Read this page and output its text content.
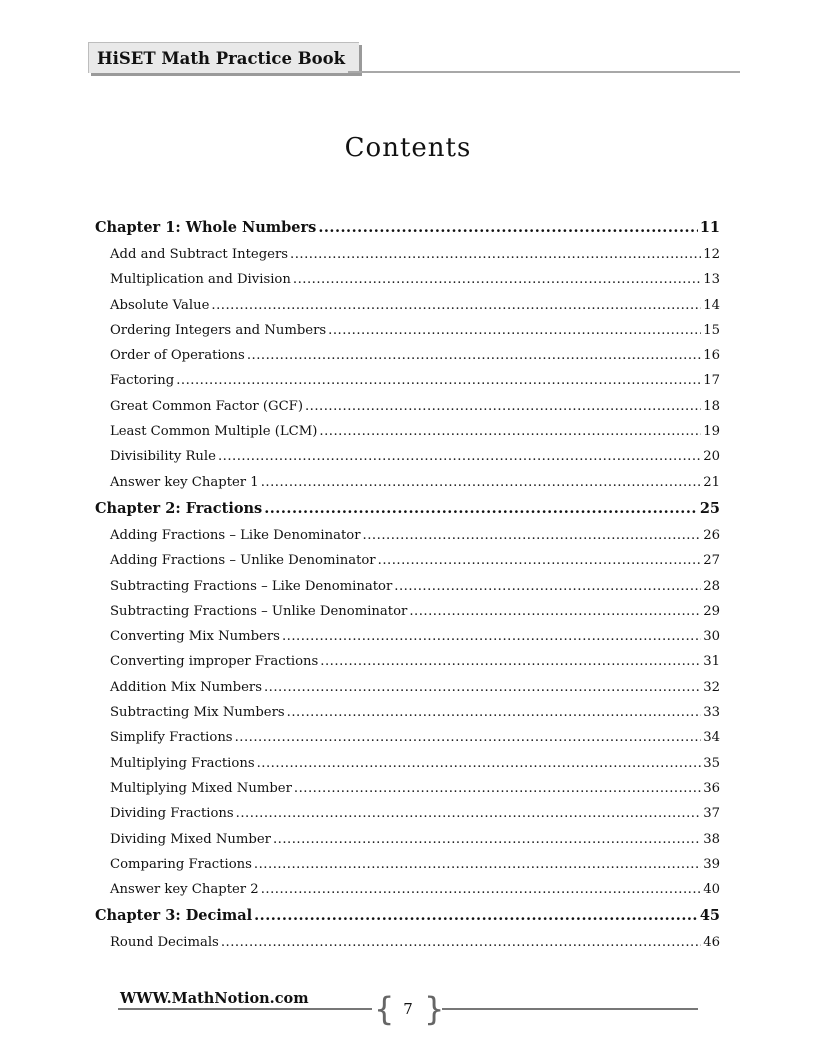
HiSET Math Practice Book
Contents
Chapter 1: Whole Numbers .....	11
Add and Subtract Integers .....	12
Multiplication and Division .....	13
Absolute Value .....	14
Ordering Integers and Numbers .....	15
Order of Operations .....	16
Factoring .....	17
Great Common Factor (GCF) .....	18
Least Common Multiple (LCM) .....	19
Divisibility Rule .....	20
Answer key Chapter 1 .....	21
Chapter 2: Fractions .....	25
Adding Fractions – Like Denominator .....	26
Adding Fractions – Unlike Denominator .....	27
Subtracting Fractions – Like Denominator .....	28
Subtracting Fractions – Unlike Denominator .....	29
Converting Mix Numbers .....	30
Converting improper Fractions .....	31
Addition Mix Numbers .....	32
Subtracting Mix Numbers .....	33
Simplify Fractions .....	34
Multiplying Fractions .....	35
Multiplying Mixed Number .....	36
Dividing Fractions .....	37
Dividing Mixed Number .....	38
Comparing Fractions .....	39
Answer key Chapter 2 .....	40
Chapter 3: Decimal .....	45
Round Decimals .....	46
WWW.MathNotion.com { }
7
